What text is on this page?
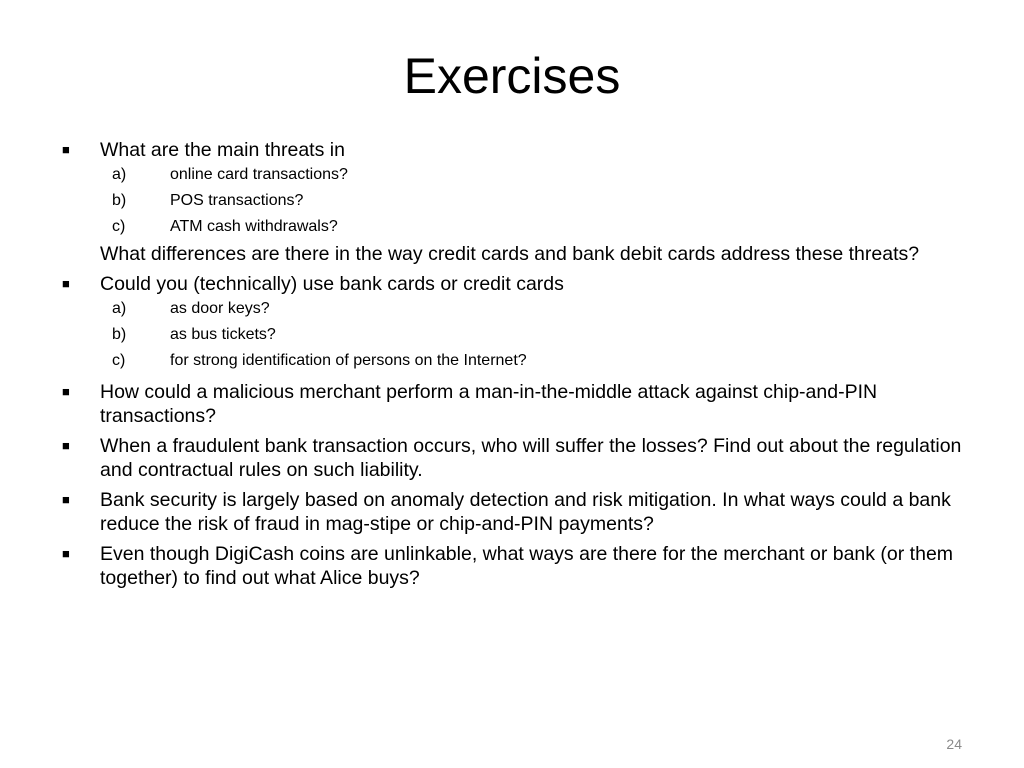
Exercises
■ What are the main threats in
a)	online card transactions?
b)	POS transactions?
c)	ATM cash withdrawals?
What differences are there in the way credit cards and bank debit cards address these threats?
■ Could you (technically) use bank cards or credit cards
a)	as door keys?
b)	as bus tickets?
c)	for strong identification of persons on the Internet?
■ How could a malicious merchant perform a man-in-the-middle attack against chip-and-PIN transactions?
■ When a fraudulent bank transaction occurs, who will suffer the losses? Find out about the regulation and contractual rules on such liability.
■ Bank security is largely based on anomaly detection and risk mitigation. In what ways could a bank reduce the risk of fraud in mag-stipe or chip-and-PIN payments?
■ Even though DigiCash coins are unlinkable, what ways are there for the merchant or bank (or them together) to find out what Alice buys?
24
